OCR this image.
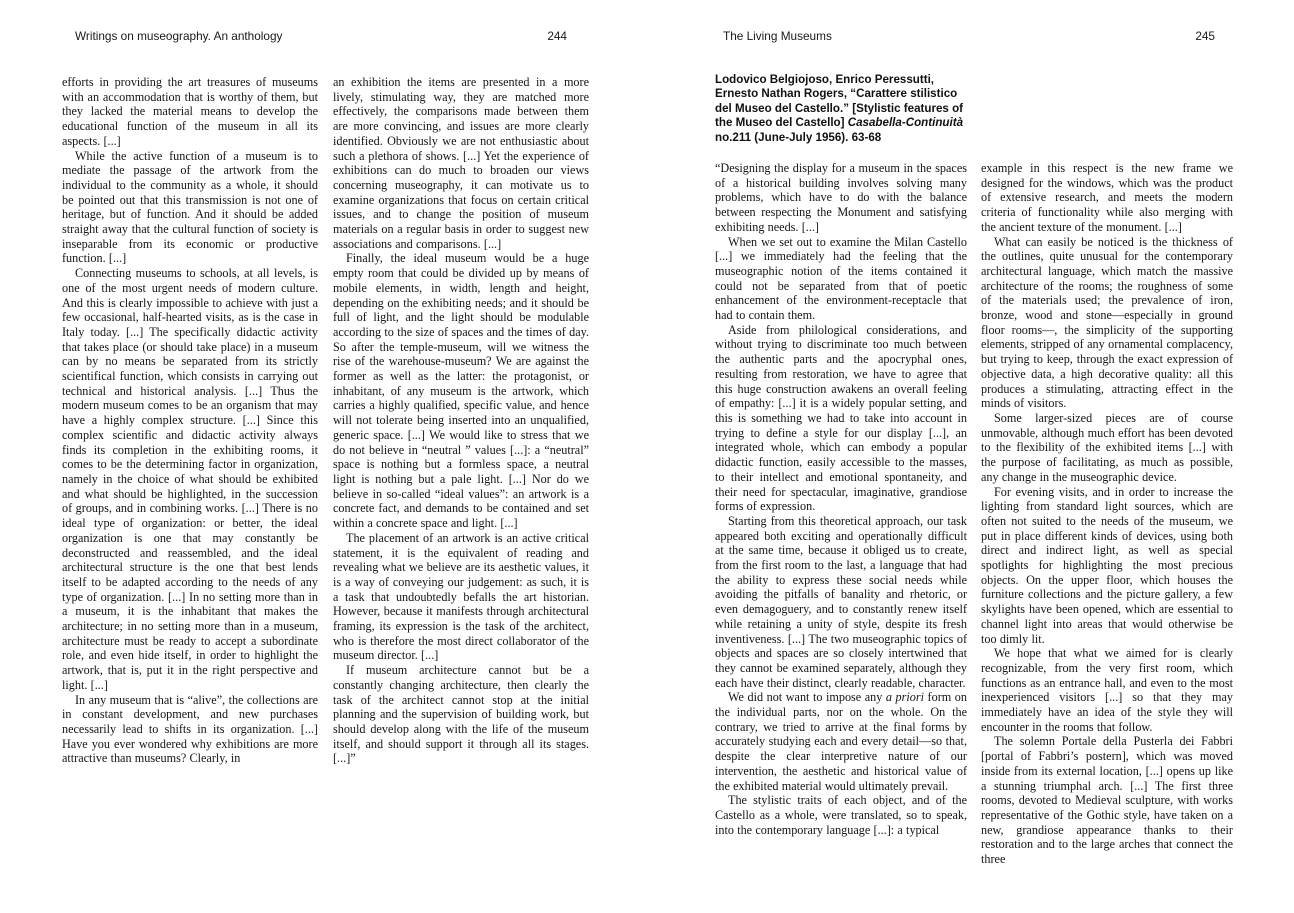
Writings on museography. An anthology	244

efforts in providing the art treasures of museums with an accommodation that is worthy of them, but they lacked the material means to develop the educational function of the museum in all its aspects. [...]

While the active function of a museum is to mediate the passage of the artwork from the individual to the community as a whole, it should be pointed out that this transmission is not one of heritage, but of function. And it should be added straight away that the cultural function of society is inseparable from its economic or productive function. [...]

Connecting museums to schools, at all levels, is one of the most urgent needs of modern culture. And this is clearly impossible to achieve with just a few occasional, half-hearted visits, as is the case in Italy today. [...] The specifically didactic activity that takes place (or should take place) in a museum can by no means be separated from its strictly scientifical function, which consists in carrying out technical and historical analysis. [...] Thus the modern museum comes to be an organism that may have a highly complex structure. [...] Since this complex scientific and didactic activity always finds its completion in the exhibiting rooms, it comes to be the determining factor in organization, namely in the choice of what should be exhibited and what should be highlighted, in the succession of groups, and in combining works. [...] There is no ideal type of organization: or better, the ideal organization is one that may constantly be deconstructed and reassembled, and the ideal architectural structure is the one that best lends itself to be adapted according to the needs of any type of organization. [...] In no setting more than in a museum, it is the inhabitant that makes the architecture; in no setting more than in a museum, architecture must be ready to accept a subordinate role, and even hide itself, in order to highlight the artwork, that is, put it in the right perspective and light. [...]

In any museum that is “alive”, the collections are in constant development, and new purchases necessarily lead to shifts in its organization. [...] Have you ever wondered why exhibitions are more attractive than museums? Clearly, in

an exhibition the items are presented in a more lively, stimulating way, they are matched more effectively, the comparisons made between them are more convincing, and issues are more clearly identified. Obviously we are not enthusiastic about such a plethora of shows. [...] Yet the experience of exhibitions can do much to broaden our views concerning museography, it can motivate us to examine organizations that focus on certain critical issues, and to change the position of museum materials on a regular basis in order to suggest new associations and comparisons. [...]

Finally, the ideal museum would be a huge empty room that could be divided up by means of mobile elements, in width, length and height, depending on the exhibiting needs; and it should be full of light, and the light should be modulable according to the size of spaces and the times of day. So after the temple-museum, will we witness the rise of the warehouse-museum? We are against the former as well as the latter: the protagonist, or inhabitant, of any museum is the artwork, which carries a highly qualified, specific value, and hence will not tolerate being inserted into an unqualified, generic space. [...] We would like to stress that we do not believe in “neutral ” values [...]: a “neutral” space is nothing but a formless space, a neutral light is nothing but a pale light. [...] Nor do we believe in so-called “ideal values”: an artwork is a concrete fact, and demands to be contained and set within a concrete space and light. [...]

The placement of an artwork is an active critical statement, it is the equivalent of reading and revealing what we believe are its aesthetic values, it is a way of conveying our judgement: as such, it is a task that undoubtedly befalls the art historian. However, because it manifests through architectural framing, its expression is the task of the architect, who is therefore the most direct collaborator of the museum director. [...]

If museum architecture cannot but be a constantly changing architecture, then clearly the task of the architect cannot stop at the initial planning and the supervision of building work, but should develop along with the life of the museum itself, and should support it through all its stages. [...]”

The Living Museums	245
Lodovico Belgiojoso, Enrico Peressutti, Ernesto Nathan Rogers, “Carattere stilistico del Museo del Castello.” [Stylistic features of the Museo del Castello] Casabella-Continuità no.211 (June-July 1956). 63-68

“Designing the display for a museum in the spaces of a historical building involves solving many problems, which have to do with the balance between respecting the Monument and satisfying exhibiting needs. [...]

When we set out to examine the Milan Castello [...] we immediately had the feeling that the museographic notion of the items contained it could not be separated from that of poetic enhancement of the environment-receptacle that had to contain them.

Aside from philological considerations, and without trying to discriminate too much between the authentic parts and the apocryphal ones, resulting from restoration, we have to agree that this huge construction awakens an overall feeling of empathy: [...] it is a widely popular setting, and this is something we had to take into account in trying to define a style for our display [...], an integrated whole, which can embody a popular didactic function, easily accessible to the masses, to their intellect and emotional spontaneity, and their need for spectacular, imaginative, grandiose forms of expression.

Starting from this theoretical approach, our task appeared both exciting and operationally difficult at the same time, because it obliged us to create, from the first room to the last, a language that had the ability to express these social needs while avoiding the pitfalls of banality and rhetoric, or even demagoguery, and to constantly renew itself while retaining a unity of style, despite its fresh inventiveness. [...] The two museographic topics of objects and spaces are so closely intertwined that they cannot be examined separately, although they each have their distinct, clearly readable, character.

We did not want to impose any a priori form on the individual parts, nor on the whole. On the contrary, we tried to arrive at the final forms by accurately studying each and every detail—so that, despite the clear interpretive nature of our intervention, the aesthetic and historical value of the exhibited material would ultimately prevail.

The stylistic traits of each object, and of the Castello as a whole, were translated, so to speak, into the contemporary language [...]: a typical

example in this respect is the new frame we designed for the windows, which was the product of extensive research, and meets the modern criteria of functionality while also merging with the ancient texture of the monument. [...]

What can easily be noticed is the thickness of the outlines, quite unusual for the contemporary architectural language, which match the massive architecture of the rooms; the roughness of some of the materials used; the prevalence of iron, bronze, wood and stone—especially in ground floor rooms—, the simplicity of the supporting elements, stripped of any ornamental complacency, but trying to keep, through the exact expression of objective data, a high decorative quality: all this produces a stimulating, attracting effect in the minds of visitors.

Some larger-sized pieces are of course unmovable, although much effort has been devoted to the flexibility of the exhibited items [...] with the purpose of facilitating, as much as possible, any change in the museographic device.

For evening visits, and in order to increase the lighting from standard light sources, which are often not suited to the needs of the museum, we put in place different kinds of devices, using both direct and indirect light, as well as special spotlights for highlighting the most precious objects. On the upper floor, which houses the furniture collections and the picture gallery, a few skylights have been opened, which are essential to channel light into areas that would otherwise be too dimly lit.

We hope that what we aimed for is clearly recognizable, from the very first room, which functions as an entrance hall, and even to the most inexperienced visitors [...] so that they may immediately have an idea of the style they will encounter in the rooms that follow.

The solemn Portale della Pusterla dei Fabbri [portal of Fabbri’s postern], which was moved inside from its external location, [...] opens up like a stunning triumphal arch. [...] The first three rooms, devoted to Medieval sculpture, with works representative of the Gothic style, have taken on a new, grandiose appearance thanks to their restoration and to the large arches that connect the three
